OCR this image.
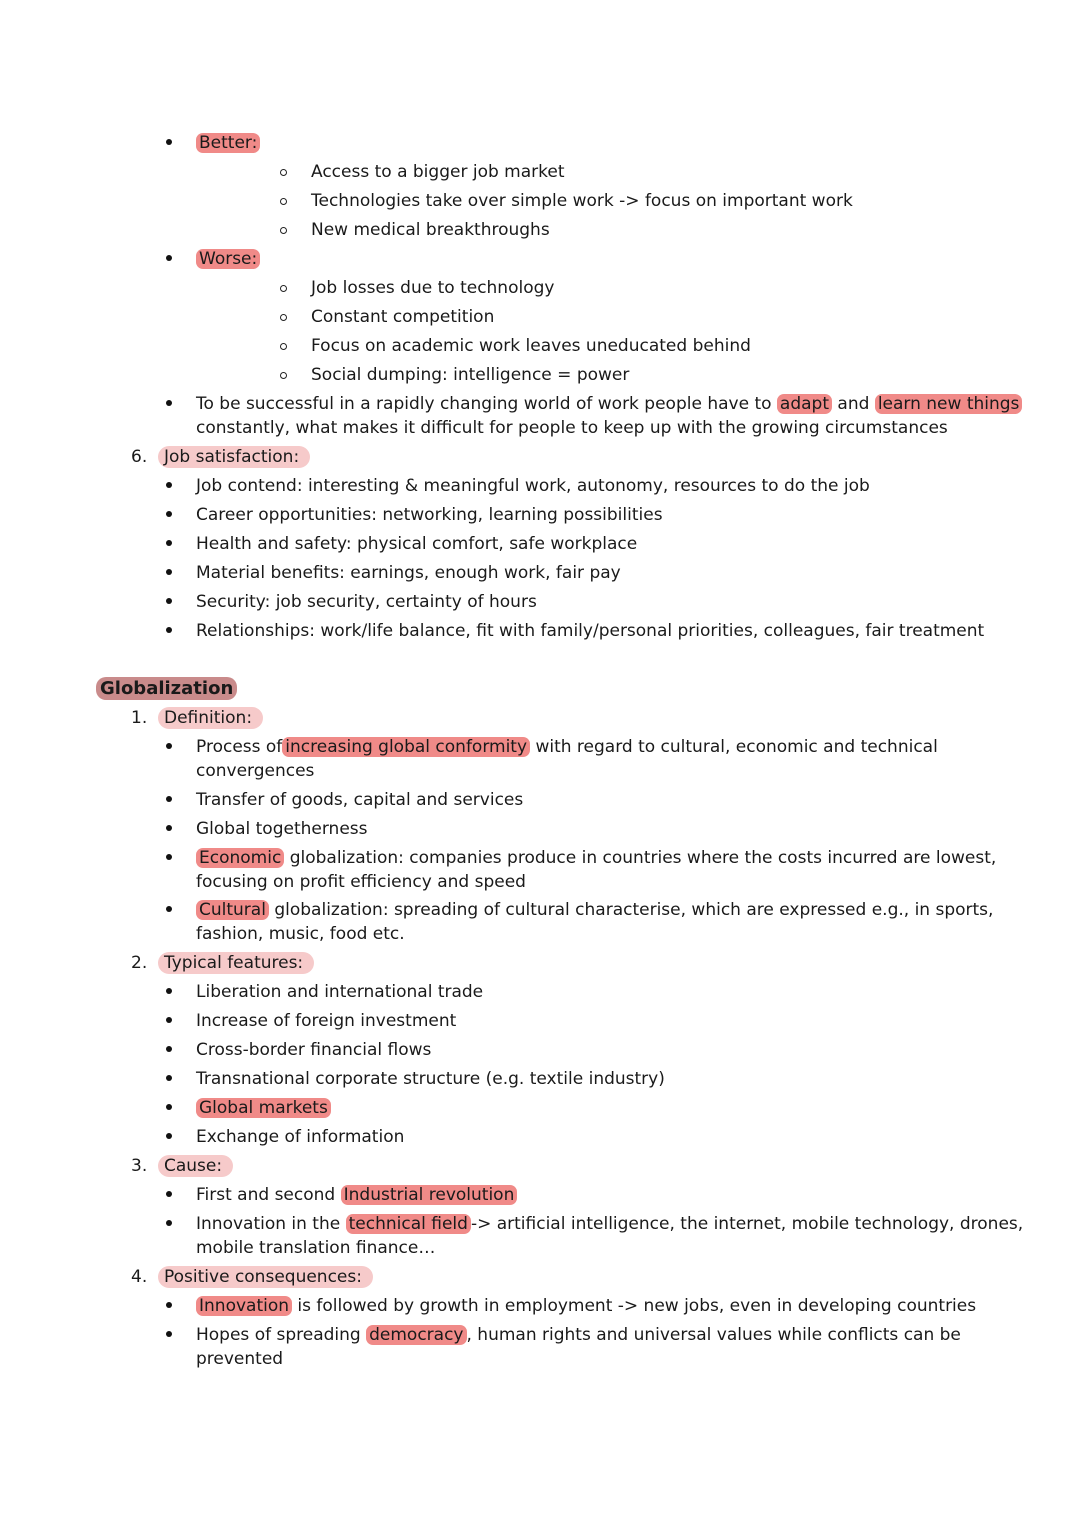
Better:
Access to a bigger job market
Technologies take over simple work -> focus on important work
New medical breakthroughs
Worse:
Job losses due to technology
Constant competition
Focus on academic work leaves uneducated behind
Social dumping: intelligence = power
To be successful in a rapidly changing world of work people have to adapt and learn new things
constantly, what makes it difficult for people to keep up with the growing circumstances
6. Job satisfaction:
Job contend: interesting & meaningful work, autonomy, resources to do the job
Career opportunities: networking, learning possibilities
Health and safety: physical comfort, safe workplace
Material benefits: earnings, enough work, fair pay
Security: job security, certainty of hours
Relationships: work/life balance, fit with family/personal priorities, colleagues, fair treatment
Globalization
1. Definition:
Process of increasing global conformity with regard to cultural, economic and technical
convergences
Transfer of goods, capital and services
Global togetherness
Economic globalization: companies produce in countries where the costs incurred are lowest,
focusing on profit efficiency and speed
Cultural globalization: spreading of cultural characterise, which are expressed e.g., in sports,
fashion, music, food etc.
2. Typical features:
Liberation and international trade
Increase of foreign investment
Cross-border financial flows
Transnational corporate structure (e.g. textile industry)
Global markets
Exchange of information
3. Cause:
First and second Industrial revolution
Innovation in the technical field -> artificial intelligence, the internet, mobile technology, drones,
mobile translation finance…
4. Positive consequences:
Innovation is followed by growth in employment -> new jobs, even in developing countries
Hopes of spreading democracy , human rights and universal values while conflicts can be
prevented
